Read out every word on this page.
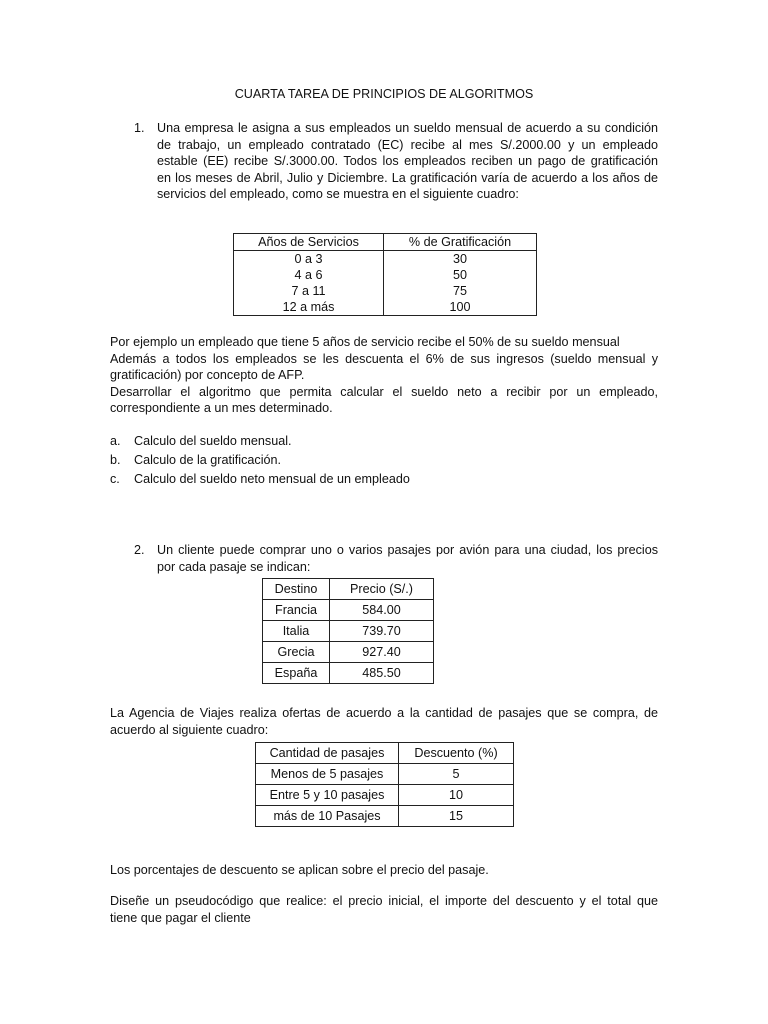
CUARTA TAREA DE PRINCIPIOS DE ALGORITMOS
1. Una empresa le asigna a sus empleados un sueldo mensual de acuerdo a su condición
de trabajo, un empleado contratado (EC) recibe al mes S/.2000.00 y un empleado
estable (EE) recibe S/.3000.00. Todos los empleados reciben un pago de gratificación
en los meses de Abril, Julio y Diciembre. La gratificación varía de acuerdo a los años de
servicios del empleado, como se muestra en el siguiente cuadro:
Años de Servicios	% de Gratificación
0 a 3	30
4 a 6	50
7 a 11	75
12 a más	100
Por ejemplo un empleado que tiene 5 años de servicio recibe el 50% de su sueldo mensual
Además a todos los empleados se les descuenta el 6% de sus ingresos (sueldo mensual y
gratificación) por concepto de AFP.
Desarrollar el algoritmo que permita calcular el sueldo neto a recibir por un empleado,
correspondiente a un mes determinado.
a. Calculo del sueldo mensual.
b. Calculo de la gratificación.
c. Calculo del sueldo neto mensual de un empleado
2. Un cliente puede comprar uno o varios pasajes por avión para una ciudad, los precios
por cada pasaje se indican:
Destino	Precio (S/.)
Francia	584.00
Italia	739.70
Grecia	927.40
España	485.50
La Agencia de Viajes realiza ofertas de acuerdo a la cantidad de pasajes que se compra, de
acuerdo al siguiente cuadro:
Cantidad de pasajes	Descuento (%)
Menos de 5 pasajes	5
Entre 5 y 10 pasajes	10
más de 10 Pasajes	15
Los porcentajes de descuento se aplican sobre el precio del pasaje.
Diseñe un pseudocódigo que realice: el precio inicial, el importe del descuento y el total que
tiene que pagar el cliente
